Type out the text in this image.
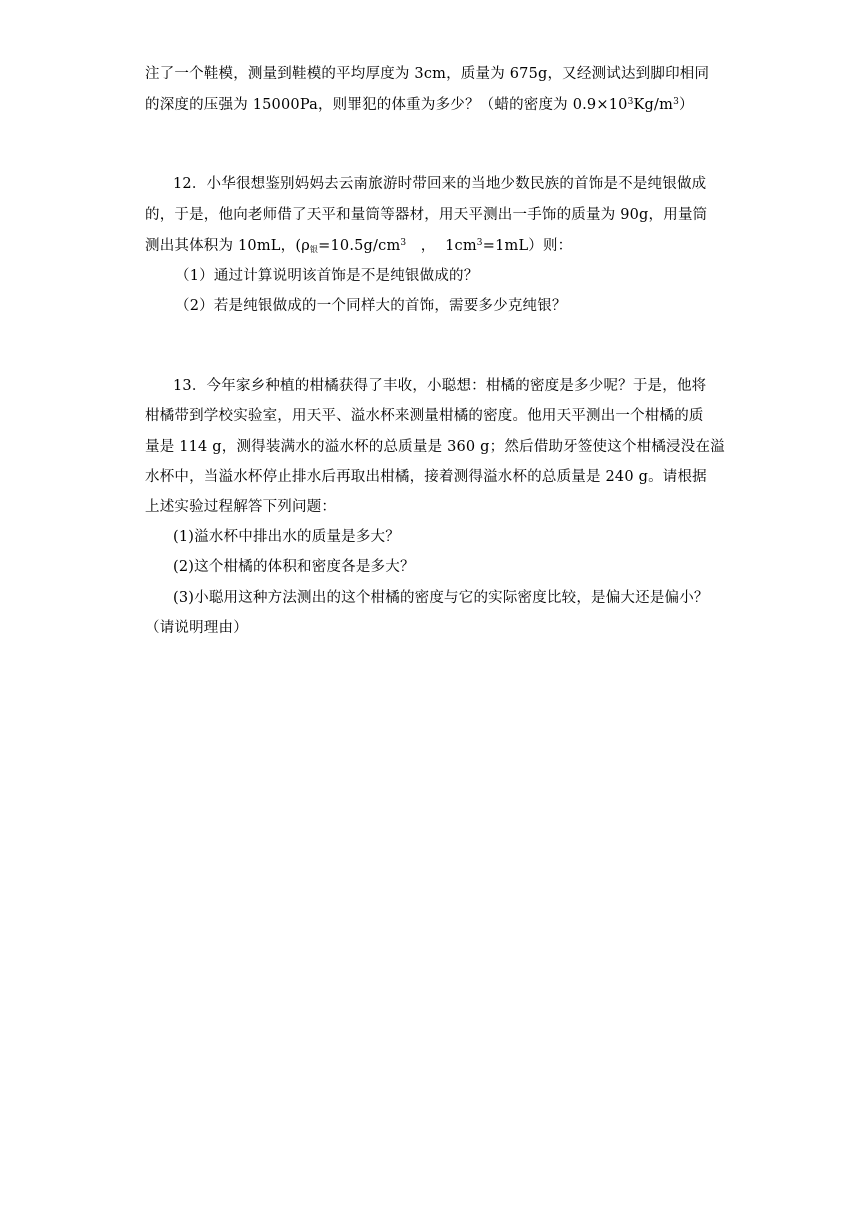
注了一个鞋模，测量到鞋模的平均厚度为 3cm，质量为 675g，又经测试达到脚印相同
的深度的压强为 15000Pa，则罪犯的体重为多少？（蜡的密度为 $0.9\times 10^3Kg/m^3$）
12．小华很想鉴别妈妈去云南旅游时带回来的当地少数民族的首饰是不是纯银做成
的，于是，他向老师借了天平和量筒等器材，用天平测出一手饰的质量为 90g，用量筒
测出其体积为 10mL，($\rho_银=10.5g/cm^3$   ，  $1cm^3=1mL$）则：
（1）通过计算说明该首饰是不是纯银做成的？
（2）若是纯银做成的一个同样大的首饰，需要多少克纯银？
13．今年家乡种植的柑橘获得了丰收，小聪想：柑橘的密度是多少呢？于是，他将
柑橘带到学校实验室，用天平、溢水杯来测量柑橘的密度。他用天平测出一个柑橘的质
量是 114 g，测得装满水的溢水杯的总质量是 360 g；然后借助牙签使这个柑橘浸没在溢
水杯中，当溢水杯停止排水后再取出柑橘，接着测得溢水杯的总质量是 240 g。请根据
上述实验过程解答下列问题：
(1)溢水杯中排出水的质量是多大？
(2)这个柑橘的体积和密度各是多大？
(3)小聪用这种方法测出的这个柑橘的密度与它的实际密度比较，是偏大还是偏小？
（请说明理由）
